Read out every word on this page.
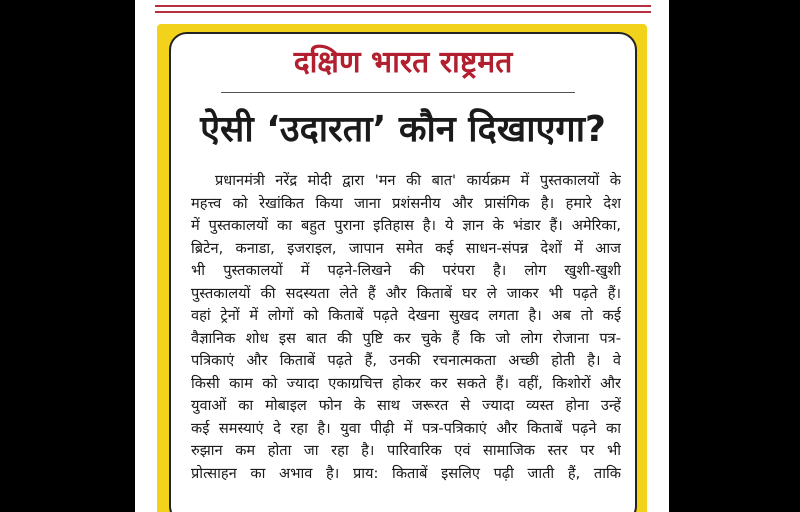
दक्षिण भारत राष्ट्रमत
ऐसी ‘उदारता’ कौन दिखाएगा?
प्रधानमंत्री नरेंद्र मोदी द्वारा 'मन की बात' कार्यक्रम में पुस्तकालयों के
महत्त्व को रेखांकित किया जाना प्रशंसनीय और प्रासंगिक है। हमारे देश
में पुस्तकालयों का बहुत पुराना इतिहास है। ये ज्ञान के भंडार हैं। अमेरिका,
ब्रिटेन, कनाडा, इजराइल, जापान समेत कई साधन-संपन्न देशों में आज
भी पुस्तकालयों में पढ़ने-लिखने की परंपरा है। लोग खुशी-खुशी
पुस्तकालयों की सदस्यता लेते हैं और किताबें घर ले जाकर भी पढ़ते हैं।
वहां ट्रेनों में लोगों को किताबें पढ़ते देखना सुखद लगता है। अब तो कई
वैज्ञानिक शोध इस बात की पुष्टि कर चुके हैं कि जो लोग रोजाना पत्र-
पत्रिकाएं और किताबें पढ़ते हैं, उनकी रचनात्मकता अच्छी होती है। वे
किसी काम को ज्यादा एकाग्रचित्त होकर कर सकते हैं। वहीं, किशोरों और
युवाओं का मोबाइल फोन के साथ जरूरत से ज्यादा व्यस्त होना उन्हें
कई समस्याएं दे रहा है। युवा पीढ़ी में पत्र-पत्रिकाएं और किताबें पढ़ने का
रुझान कम होता जा रहा है। पारिवारिक एवं सामाजिक स्तर पर भी
प्रोत्साहन का अभाव है। प्राय: किताबें इसलिए पढ़ी जाती हैं, ताकि
